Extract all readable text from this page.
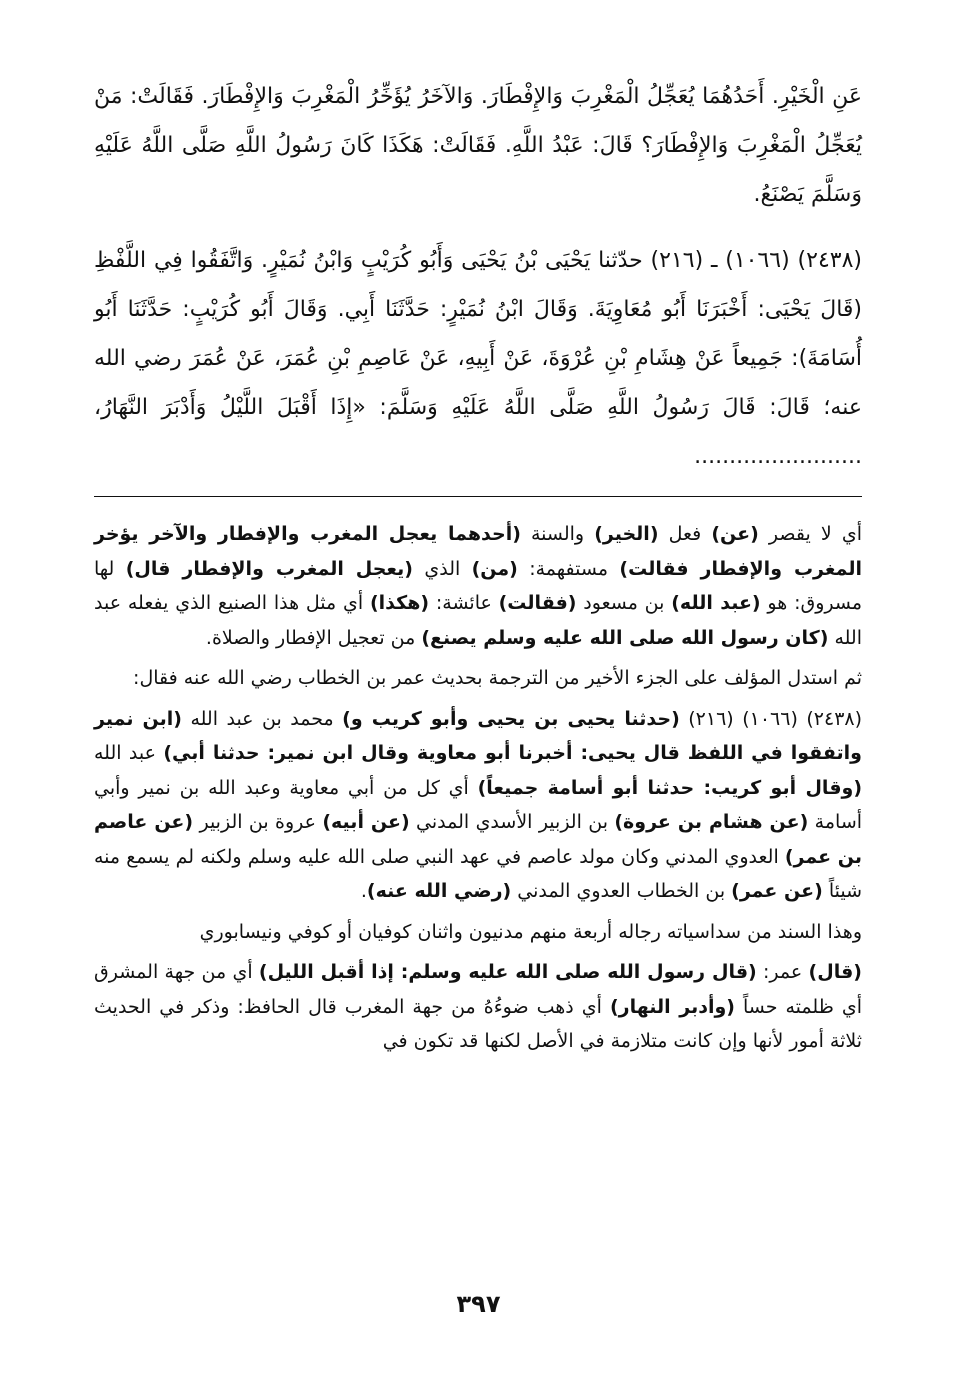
عَنِ الْخَيْرِ. أَحَدُهُمَا يُعَجِّلُ الْمَغْرِبَ وَالإِفْطَارَ. وَالآخَرُ يُؤَخِّرُ الْمَغْرِبَ وَالإِفْطَارَ. فَقَالَتْ: مَنْ يُعَجِّلُ الْمَغْرِبَ وَالإِفْطَارَ؟ قَالَ: عَبْدُ اللَّهِ. فَقَالَتْ: هَكَذَا كَانَ رَسُولُ اللَّهِ صَلَّى اللَّهُ عَلَيْهِ وَسَلَّمَ يَصْنَعُ.

(٢٤٣٨) (١٠٦٦) ـ (٢١٦) حدّثنا يَحْيَى بْنُ يَحْيَى وَأَبُو كُرَيْبٍ وَابْنُ نُمَيْرٍ. وَاتَّفَقُوا فِي اللَّفْظِ (قَالَ يَحْيَى: أَخْبَرَنَا أَبُو مُعَاوِيَةَ. وَقَالَ ابْنُ نُمَيْرٍ: حَدَّثَنَا أَبِي. وَقَالَ أَبُو كُرَيْبٍ: حَدَّثَنَا أَبُو أُسَامَةَ): جَمِيعاً عَنْ هِشَامِ بْنِ عُرْوَةَ، عَنْ أَبِيهِ، عَنْ عَاصِمِ بْنِ عُمَرَ، عَنْ عُمَرَ رضي الله عنه؛ قَالَ: قَالَ رَسُولُ اللَّهِ صَلَّى اللَّهُ عَلَيْهِ وَسَلَّمَ: «إِذَا أَقْبَلَ اللَّيْلُ وَأَدْبَرَ النَّهَارُ، ........................

أي لا يقصر (عن) فعل (الخير) والسنة (أحدهما يعجل المغرب والإفطار والآخر يؤخر المغرب والإفطار فقالت) مستفهمة: (من) الذي (يعجل المغرب والإفطار قال) لها مسروق: هو (عبد الله) بن مسعود (فقالت) عائشة: (هكذا) أي مثل هذا الصنيع الذي يفعله عبد الله (كان رسول الله صلى الله عليه وسلم يصنع) من تعجيل الإفطار والصلاة.

ثم استدل المؤلف على الجزء الأخير من الترجمة بحديث عمر بن الخطاب رضي الله عنه فقال:

(٢٤٣٨) (١٠٦٦) (٢١٦) (حدثنا يحيى بن يحيى وأبو كريب و) محمد بن عبد الله (ابن نمير واتفقوا في اللفظ قال يحيى: أخبرنا أبو معاوية وقال ابن نمير: حدثنا أبي) عبد الله (وقال أبو كريب: حدثنا أبو أسامة جميعاً) أي كل من أبي معاوية وعبد الله بن نمير وأبي أسامة (عن هشام بن عروة) بن الزبير الأسدي المدني (عن أبيه) عروة بن الزبير (عن عاصم بن عمر) العدوي المدني وكان مولد عاصم في عهد النبي صلى الله عليه وسلم ولكنه لم يسمع منه شيئاً (عن عمر) بن الخطاب العدوي المدني (رضي الله عنه).

وهذا السند من سداسياته رجاله أربعة منهم مدنيون واثنان كوفيان أو كوفي ونيسابوري

(قال) عمر: (قال رسول الله صلى الله عليه وسلم: إذا أقبل الليل) أي من جهة المشرق أي ظلمته حساً (وأدبر النهار) أي ذهب ضوءُهُ من جهة المغرب قال الحافظ: وذكر في الحديث ثلاثة أمور لأنها وإن كانت متلازمة في الأصل لكنها قد تكون في

٣٩٧
